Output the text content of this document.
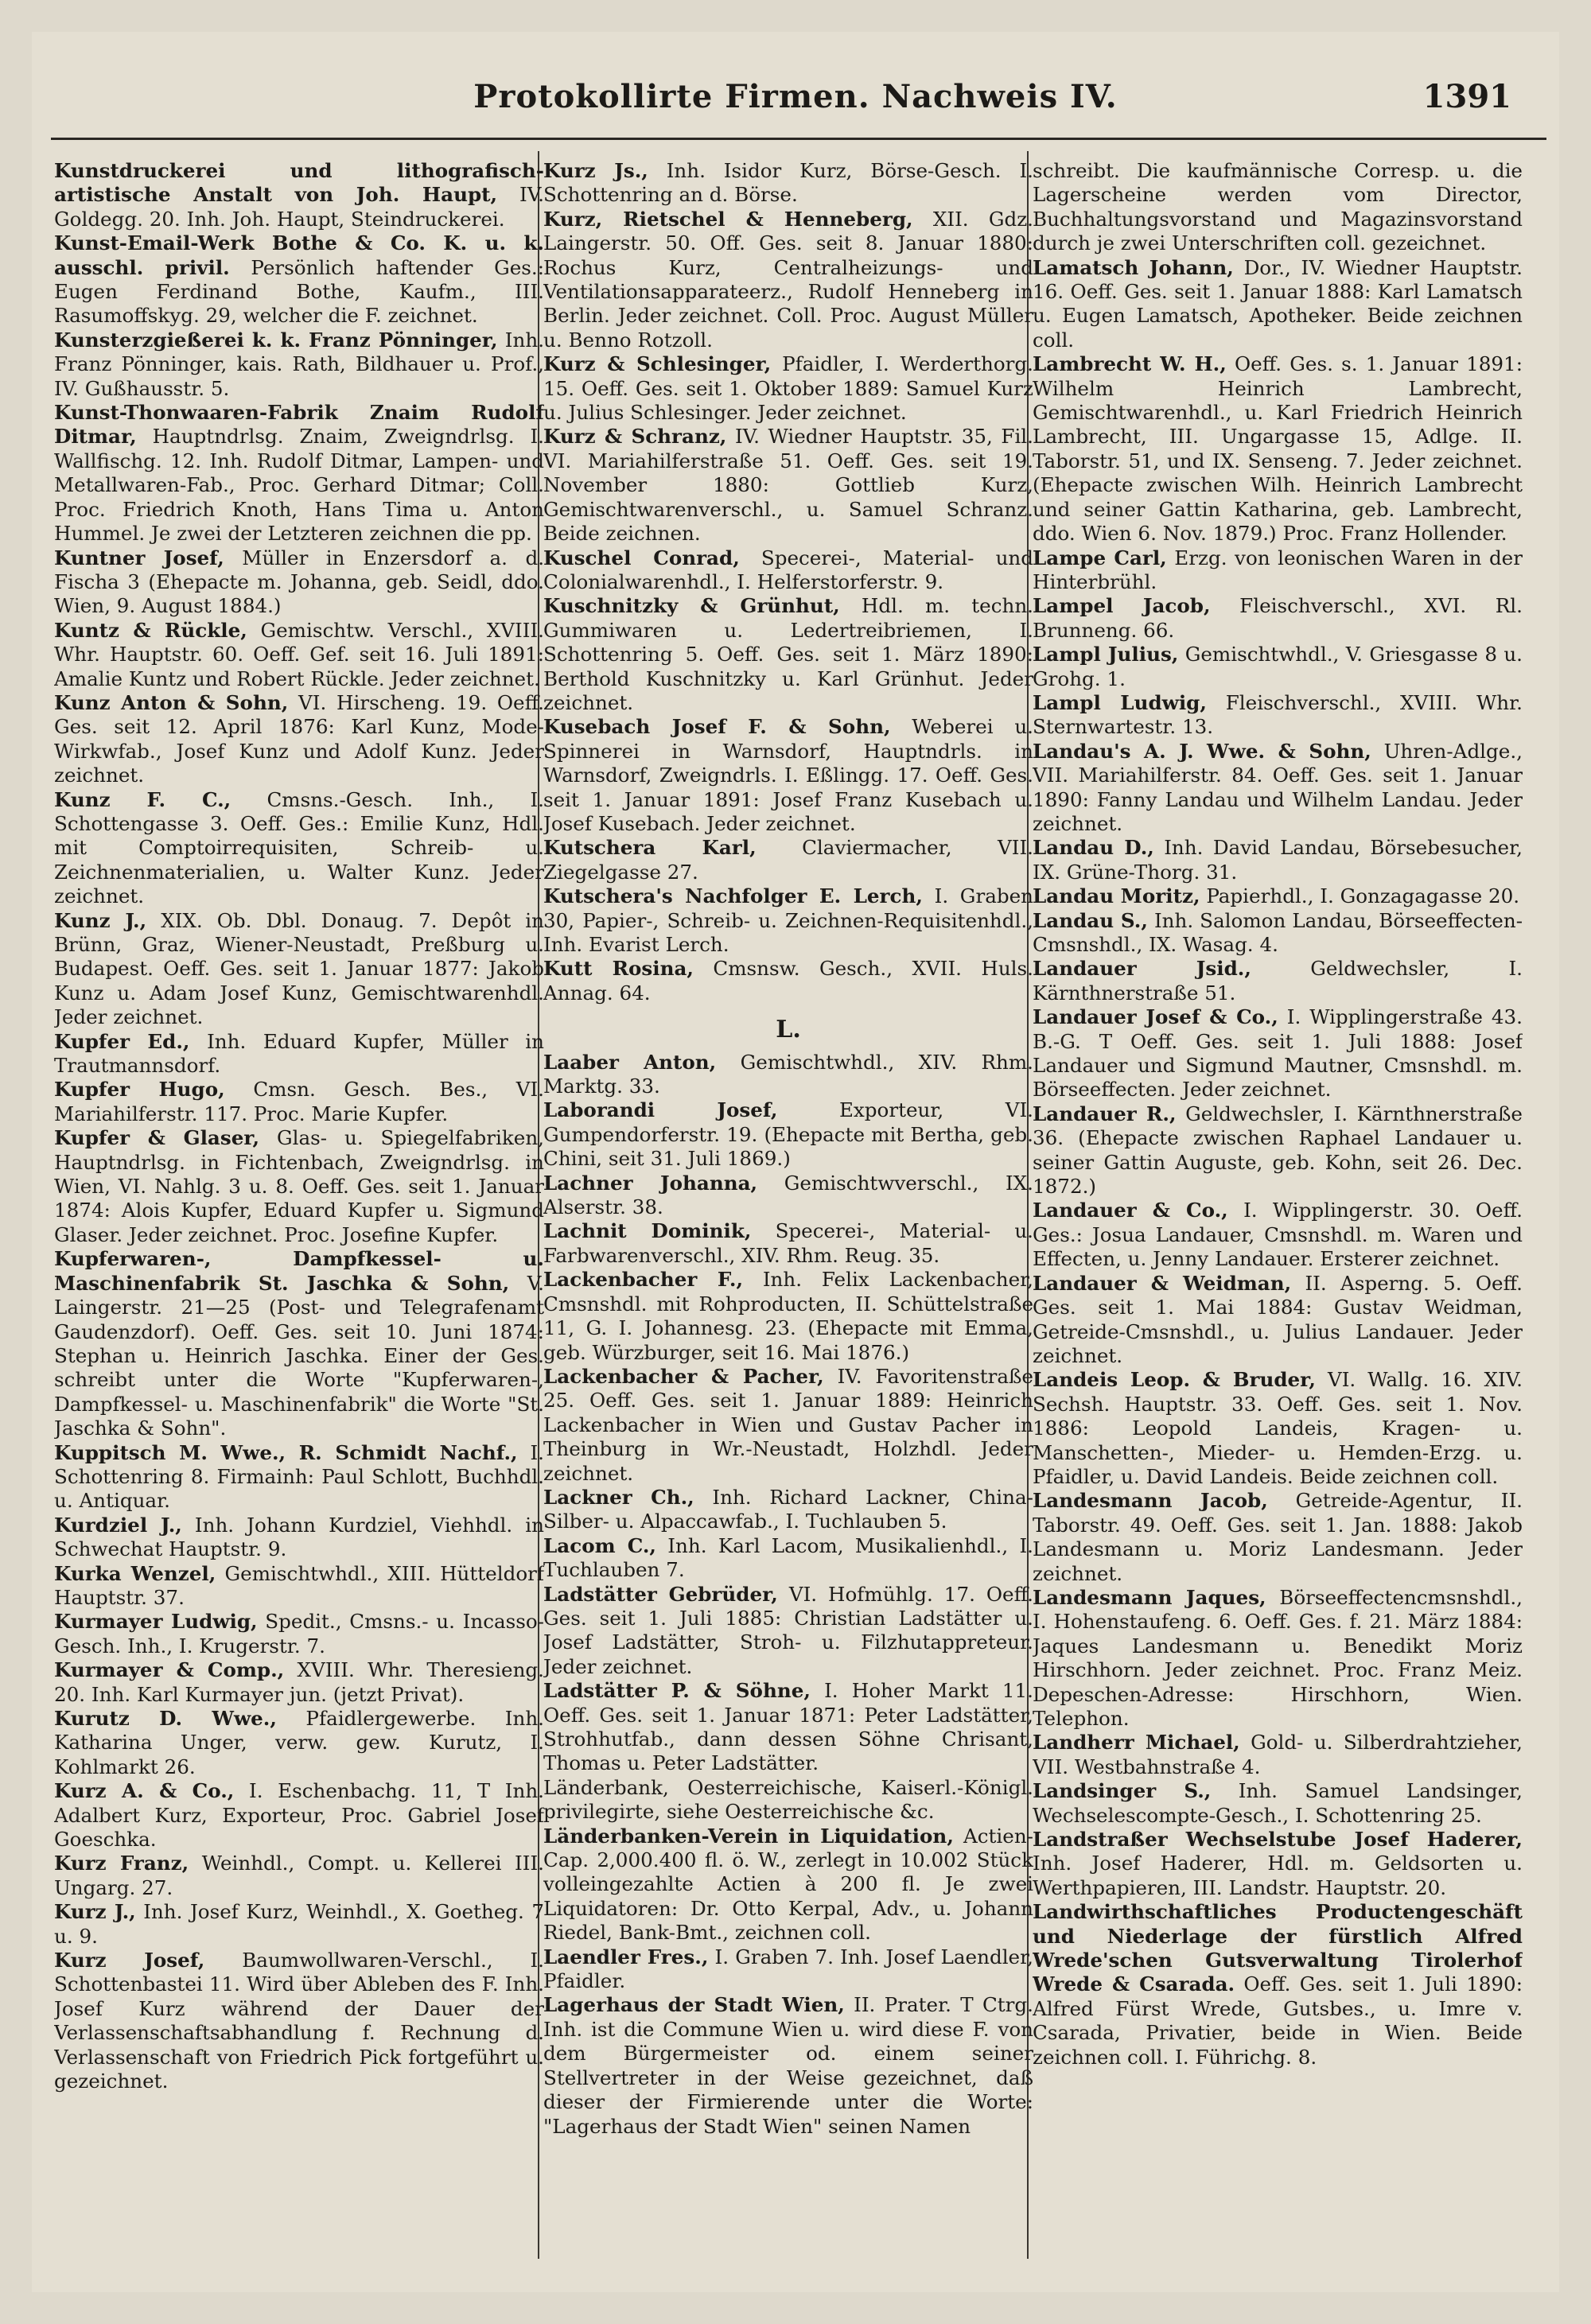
Protokollirte Firmen. Nachweis IV.	1391

Kunstdruckerei und lithografisch-artistische Anstalt von Joh. Haupt, IV. Goldegg. 20. Inh. Joh. Haupt, Steindruckerei.

Kunst-Email-Werk Bothe & Co. K. u. k. ausschl. privil. Persönlich haftender Ges.: Eugen Ferdinand Bothe, Kaufm., III. Rasumoffskyg. 29, welcher die F. zeichnet.

Kunsterzgießerei k. k. Franz Pönninger, Inh. Franz Pönninger, kais. Rath, Bildhauer u. Prof., IV. Gußhausstr. 5.

Kunst-Thonwaaren-Fabrik Znaim Rudolf Ditmar, Hauptndrlsg. Znaim, Zweigndrlsg. I. Wallfischg. 12. Inh. Rudolf Ditmar, Lampen- und Metallwaren-Fab., Proc. Gerhard Ditmar; Coll. Proc. Friedrich Knoth, Hans Tima u. Anton Hummel. Je zwei der Letzteren zeichnen die pp.

Kuntner Josef, Müller in Enzersdorf a. d. Fischa 3 (Ehepacte m. Johanna, geb. Seidl, ddo. Wien, 9. August 1884.)

Kuntz & Rückle, Gemischtw. Verschl., XVIII. Whr. Hauptstr. 60. Oeff. Gef. seit 16. Juli 1891: Amalie Kuntz und Robert Rückle. Jeder zeichnet.

Kunz Anton & Sohn, VI. Hirscheng. 19. Oeff. Ges. seit 12. April 1876: Karl Kunz, Mode-Wirkwfab., Josef Kunz und Adolf Kunz. Jeder zeichnet.

Kunz F. C., Cmsns.-Gesch. Inh., I. Schottengasse 3. Oeff. Ges.: Emilie Kunz, Hdl. mit Comptoirrequisiten, Schreib- u. Zeichnenmaterialien, u. Walter Kunz. Jeder zeichnet.

Kunz J., XIX. Ob. Dbl. Donaug. 7. Depôt in Brünn, Graz, Wiener-Neustadt, Preßburg u. Budapest. Oeff. Ges. seit 1. Januar 1877: Jakob Kunz u. Adam Josef Kunz, Gemischtwarenhdl. Jeder zeichnet.

Kupfer Ed., Inh. Eduard Kupfer, Müller in Trautmannsdorf.

Kupfer Hugo, Cmsn. Gesch. Bes., VI. Mariahilferstr. 117. Proc. Marie Kupfer.

Kupfer & Glaser, Glas- u. Spiegelfabriken, Hauptndrlsg. in Fichtenbach, Zweigndrlsg. in Wien, VI. Nahlg. 3 u. 8. Oeff. Ges. seit 1. Januar 1874: Alois Kupfer, Eduard Kupfer u. Sigmund Glaser. Jeder zeichnet. Proc. Josefine Kupfer.

Kupferwaren-, Dampfkessel- u. Maschinenfabrik St. Jaschka & Sohn, V. Laingerstr. 21—25 (Post- und Telegrafenamt Gaudenzdorf). Oeff. Ges. seit 10. Juni 1874: Stephan u. Heinrich Jaschka. Einer der Ges. schreibt unter die Worte "Kupferwaren-, Dampfkessel- u. Maschinenfabrik" die Worte "St. Jaschka & Sohn".

Kuppitsch M. Wwe., R. Schmidt Nachf., I. Schottenring 8. Firmainh: Paul Schlott, Buchhdl. u. Antiquar.

Kurdziel J., Inh. Johann Kurdziel, Viehhdl. in Schwechat Hauptstr. 9.

Kurka Wenzel, Gemischtwhdl., XIII. Hütteldorf Hauptstr. 37.

Kurmayer Ludwig, Spedit., Cmsns.- u. Incasso-Gesch. Inh., I. Krugerstr. 7.

Kurmayer & Comp., XVIII. Whr. Theresieng. 20. Inh. Karl Kurmayer jun. (jetzt Privat).

Kurutz D. Wwe., Pfaidlergewerbe. Inh. Katharina Unger, verw. gew. Kurutz, I. Kohlmarkt 26.

Kurz A. & Co., I. Eschenbachg. 11, T Inh. Adalbert Kurz, Exporteur, Proc. Gabriel Josef Goeschka.

Kurz Franz, Weinhdl., Compt. u. Kellerei III. Ungarg. 27.

Kurz J., Inh. Josef Kurz, Weinhdl., X. Goetheg. 7 u. 9.

Kurz Josef, Baumwollwaren-Verschl., I. Schottenbastei 11. Wird über Ableben des F. Inh. Josef Kurz während der Dauer der Verlassenschaftsabhandlung f. Rechnung d. Verlassenschaft von Friedrich Pick fortgeführt u. gezeichnet.

Kurz Js., Inh. Isidor Kurz, Börse-Gesch. I. Schottenring an d. Börse.

Kurz, Rietschel & Henneberg, XII. Gdz. Laingerstr. 50. Off. Ges. seit 8. Januar 1880: Rochus Kurz, Centralheizungs- und Ventilationsapparateerz., Rudolf Henneberg in Berlin. Jeder zeichnet. Coll. Proc. August Müller u. Benno Rotzoll.

Kurz & Schlesinger, Pfaidler, I. Werderthorg. 15. Oeff. Ges. seit 1. Oktober 1889: Samuel Kurz u. Julius Schlesinger. Jeder zeichnet.

Kurz & Schranz, IV. Wiedner Hauptstr. 35, Fil. VI. Mariahilferstraße 51. Oeff. Ges. seit 19. November 1880: Gottlieb Kurz, Gemischtwarenverschl., u. Samuel Schranz. Beide zeichnen.

Kuschel Conrad, Specerei-, Material- und Colonialwarenhdl., I. Helferstorferstr. 9.

Kuschnitzky & Grünhut, Hdl. m. techn. Gummiwaren u. Ledertreibriemen, I. Schottenring 5. Oeff. Ges. seit 1. März 1890: Berthold Kuschnitzky u. Karl Grünhut. Jeder zeichnet.

Kusebach Josef F. & Sohn, Weberei u. Spinnerei in Warnsdorf, Hauptndrls. in Warnsdorf, Zweigndrls. I. Eßlingg. 17. Oeff. Ges. seit 1. Januar 1891: Josef Franz Kusebach u. Josef Kusebach. Jeder zeichnet.

Kutschera Karl, Claviermacher, VII. Ziegelgasse 27.

Kutschera's Nachfolger E. Lerch, I. Graben 30, Papier-, Schreib- u. Zeichnen-Requisitenhdl., Inh. Evarist Lerch.

Kutt Rosina, Cmsnsw. Gesch., XVII. Huls. Annag. 64.

L.

Laaber Anton, Gemischtwhdl., XIV. Rhm. Marktg. 33.

Laborandi Josef,	Exporteur, VI. Gumpendorferstr. 19. (Ehepacte mit Bertha, geb. Chini, seit 31. Juli 1869.)

Lachner Johanna, Gemischtwverschl., IX. Alserstr. 38.

Lachnit Dominik, Specerei-, Material- u. Farbwarenverschl., XIV. Rhm. Reug. 35.

Lackenbacher F., Inh. Felix Lackenbacher, Cmsnshdl. mit Rohproducten, II. Schüttelstraße 11, G. I. Johannesg. 23. (Ehepacte mit Emma, geb. Würzburger, seit 16. Mai 1876.)

Lackenbacher & Pacher, IV. Favoritenstraße 25. Oeff. Ges. seit 1. Januar 1889: Heinrich Lackenbacher in Wien und Gustav Pacher in Theinburg in Wr.-Neustadt, Holzhdl. Jeder zeichnet.

Lackner Ch., Inh. Richard Lackner, China-Silber- u. Alpaccawfab., I. Tuchlauben 5.

Lacom C., Inh. Karl Lacom, Musikalienhdl., I. Tuchlauben 7.

Ladstätter Gebrüder, VI. Hofmühlg. 17. Oeff. Ges. seit 1. Juli 1885: Christian Ladstätter u. Josef Ladstätter, Stroh- u. Filzhutappreteur. Jeder zeichnet.

Ladstätter P. & Söhne, I. Hoher Markt 11. Oeff. Ges. seit 1. Januar 1871: Peter Ladstätter, Strohhutfab., dann dessen Söhne Chrisant, Thomas u. Peter Ladstätter.

Länderbank, Oesterreichische, Kaiserl.-Königl. privilegirte, siehe Oesterreichische &c.

Länderbanken-Verein in Liquidation, Actien-Cap. 2,000.400 fl. ö. W., zerlegt in 10.002 Stück vollеingezahlte Actien à 200 fl. Je zwei Liquidatoren: Dr. Otto Kerpal, Adv., u. Johann Riedel, Bank-Bmt., zeichnen coll.

Laendler Fres., I. Graben 7. Inh. Josef Laendler, Pfaidler.

Lagerhaus der Stadt Wien, II. Prater. T Ctrg. Inh. ist die Commune Wien u. wird diese F. von dem Bürgermeister od. einem seiner Stellvertreter in der Weise gezeichnet, daß dieser der Firmierende unter die Worte: "Lagerhaus der Stadt Wien" seinen Namen

schreibt. Die kaufmännische Corresp. u. die Lagerscheine werden vom Director, Buchhaltungsvorstand und Magazinsvorstand durch je zwei Unterschriften coll. gezeichnet.

Lamatsch Johann, Dor., IV. Wiedner Hauptstr. 16. Oeff. Ges. seit 1. Januar 1888: Karl Lamatsch u. Eugen Lamatsch, Apotheker. Beide zeichnen coll.

Lambrecht W. H., Oeff. Ges. s. 1. Januar 1891: Wilhelm Heinrich Lambrecht, Gemischtwarenhdl., u. Karl Friedrich Heinrich Lambrecht, III. Ungargasse 15, Adlge. II. Taborstr. 51, und IX. Senseng. 7. Jeder zeichnet. (Ehepacte zwischen Wilh. Heinrich Lambrecht und seiner Gattin Katharina, geb. Lambrecht, ddo. Wien 6. Nov. 1879.) Proc. Franz Hollender.

Lampe Carl, Erzg. von leonischen Waren in der Hinterbrühl.

Lampel Jacob, Fleischverschl., XVI. Rl. Brunneng. 66.

Lampl Julius, Gemischtwhdl., V. Griesgasse 8 u. Grohg. 1.

Lampl Ludwig, Fleischverschl., XVIII. Whr. Sternwartestr. 13.

Landau's A. J. Wwe. & Sohn, Uhren-Adlge., VII. Mariahilferstr. 84. Oeff. Ges. seit 1. Januar 1890: Fanny Landau und Wilhelm Landau. Jeder zeichnet.

Landau D., Inh. David Landau, Börsebesucher, IX. Grüne-Thorg. 31.

Landau Moritz, Papierhdl., I. Gonzagagasse 20.

Landau S., Inh. Salomon Landau, Börseeffecten-Cmsnshdl., IX. Wasag. 4.

Landauer Jsid.,	Geldwechsler, I. Kärnthnerstraße 51.

Landauer Josef & Co., I. Wipplingerstraße 43. B.-G. T Oeff. Ges. seit 1. Juli 1888: Josef Landauer und Sigmund Mautner, Cmsnshdl. m. Börseeffecten. Jeder zeichnet.

Landauer R., Geldwechsler, I. Kärnthnerstraße 36. (Ehepacte zwischen Raphael Landauer u. seiner Gattin Auguste, geb. Kohn, seit 26. Dec. 1872.)

Landauer & Co., I. Wipplingerstr. 30. Oeff. Ges.: Josua Landauer, Cmsnshdl. m. Waren und Effecten, u. Jenny Landauer. Ersterer zeichnet.

Landauer & Weidman, II. Asperng. 5. Oeff. Ges. seit 1. Mai 1884: Gustav Weidman, Getreide-Cmsnshdl., u. Julius Landauer. Jeder zeichnet.

Landeis Leop. & Bruder, VI. Wallg. 16. XIV. Sechsh. Hauptstr. 33. Oeff. Ges. seit 1. Nov. 1886: Leopold Landeis, Kragen- u. Manschetten-, Mieder- u. Hemden-Erzg. u. Pfaidler, u. David Landeis. Beide zeichnen coll.

Landesmann Jacob, Getreide-Agentur, II. Taborstr. 49. Oeff. Ges. seit 1. Jan. 1888: Jakob Landesmann u. Moriz Landesmann. Jeder zeichnet.

Landesmann Jaques, Börseeffectencmsnshdl., I. Hohenstaufeng. 6. Oeff. Ges. f. 21. März 1884: Jaques Landesmann u. Benedikt Moriz Hirschhorn. Jeder zeichnet. Proc. Franz Meiz. Depeschen-Adresse: Hirschhorn, Wien. Telephon.

Landherr Michael, Gold- u. Silberdrahtzieher, VII. Westbahnstraße 4.

Landsinger S., Inh. Samuel Landsinger, Wechselescompte-Gesch., I. Schottenring 25.

Landstraßer Wechselstube Josef Haderer, Inh. Josef Haderer, Hdl. m. Geldsorten u. Werthpapieren, III. Landstr. Hauptstr. 20.

Landwirthschaftliches Productengeschäft und Niederlage der fürstlich Alfred Wrede'schen Gutsverwaltung Tirolerhof Wrede & Csarada. Oeff. Ges. seit 1. Juli 1890: Alfred Fürst Wrede, Gutsbes., u. Imre v. Csarada, Privatier, beide in Wien. Beide zeichnen coll. I. Führichg. 8.
